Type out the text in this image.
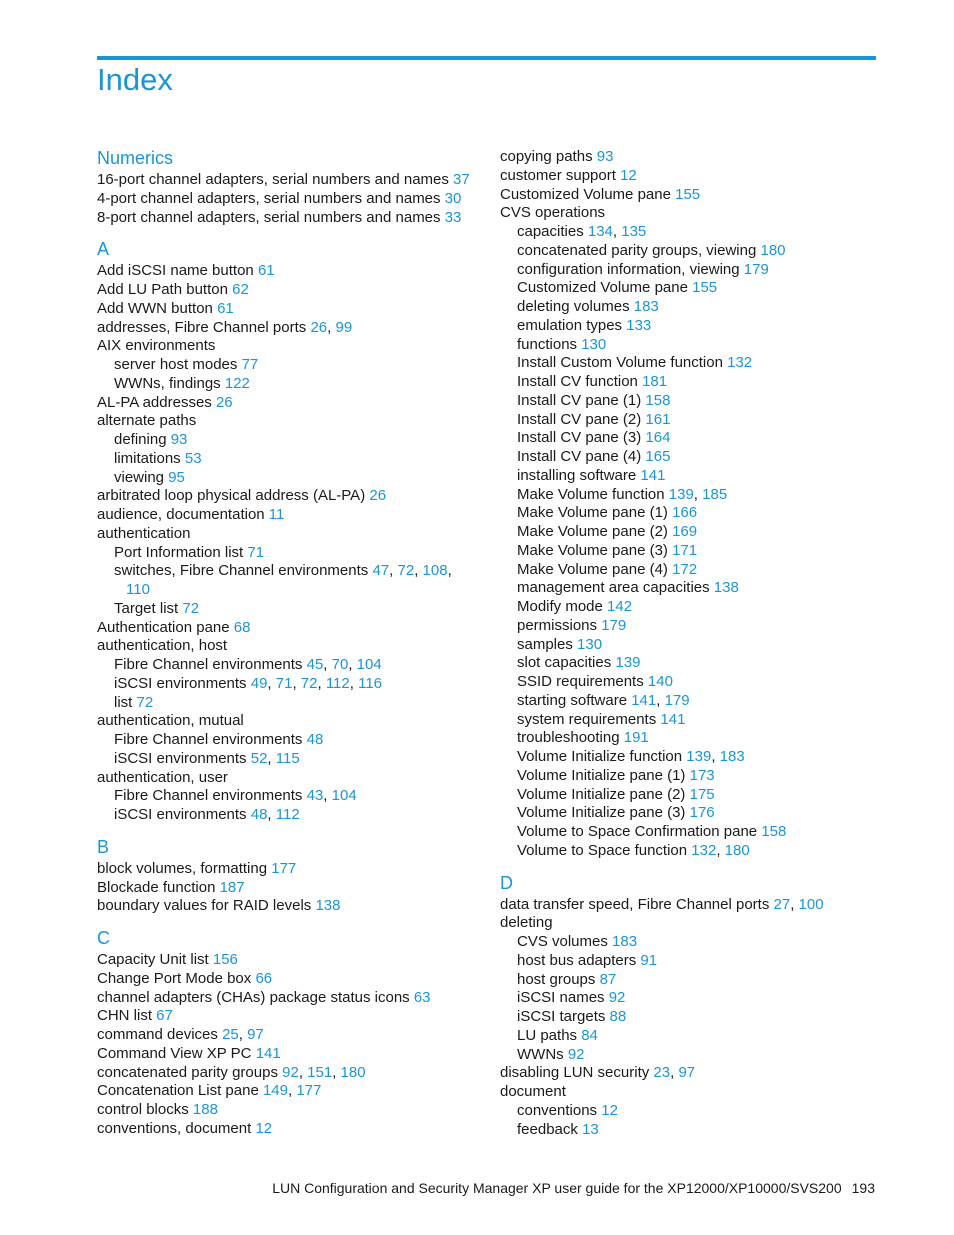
Index
Numerics
16-port channel adapters, serial numbers and names 37
4-port channel adapters, serial numbers and names 30
8-port channel adapters, serial numbers and names 33
A
Add iSCSI name button 61
Add LU Path button 62
Add WWN button 61
addresses, Fibre Channel ports 26, 99
AIX environments
server host modes 77
WWNs, findings 122
AL-PA addresses 26
alternate paths
defining 93
limitations 53
viewing 95
arbitrated loop physical address (AL-PA) 26
audience, documentation 11
authentication
Port Information list 71
switches, Fibre Channel environments 47, 72, 108,
110
Target list 72
Authentication pane 68
authentication, host
Fibre Channel environments 45, 70, 104
iSCSI environments 49, 71, 72, 112, 116
list 72
authentication, mutual
Fibre Channel environments 48
iSCSI environments 52, 115
authentication, user
Fibre Channel environments 43, 104
iSCSI environments 48, 112
B
block volumes, formatting 177
Blockade function 187
boundary values for RAID levels 138
C
Capacity Unit list 156
Change Port Mode box 66
channel adapters (CHAs) package status icons 63
CHN list 67
command devices 25, 97
Command View XP PC 141
concatenated parity groups 92, 151, 180
Concatenation List pane 149, 177
control blocks 188
conventions, document 12
copying paths 93
customer support 12
Customized Volume pane 155
CVS operations
capacities 134, 135
concatenated parity groups, viewing 180
configuration information, viewing 179
Customized Volume pane 155
deleting volumes 183
emulation types 133
functions 130
Install Custom Volume function 132
Install CV function 181
Install CV pane (1) 158
Install CV pane (2) 161
Install CV pane (3) 164
Install CV pane (4) 165
installing software 141
Make Volume function 139, 185
Make Volume pane (1) 166
Make Volume pane (2) 169
Make Volume pane (3) 171
Make Volume pane (4) 172
management area capacities 138
Modify mode 142
permissions 179
samples 130
slot capacities 139
SSID requirements 140
starting software 141, 179
system requirements 141
troubleshooting 191
Volume Initialize function 139, 183
Volume Initialize pane (1) 173
Volume Initialize pane (2) 175
Volume Initialize pane (3) 176
Volume to Space Confirmation pane 158
Volume to Space function 132, 180
D
data transfer speed, Fibre Channel ports 27, 100
deleting
CVS volumes 183
host bus adapters 91
host groups 87
iSCSI names 92
iSCSI targets 88
LU paths 84
WWNs 92
disabling LUN security 23, 97
document
conventions 12
feedback 13
LUN Configuration and Security Manager XP user guide for the XP12000/XP10000/SVS200 193
